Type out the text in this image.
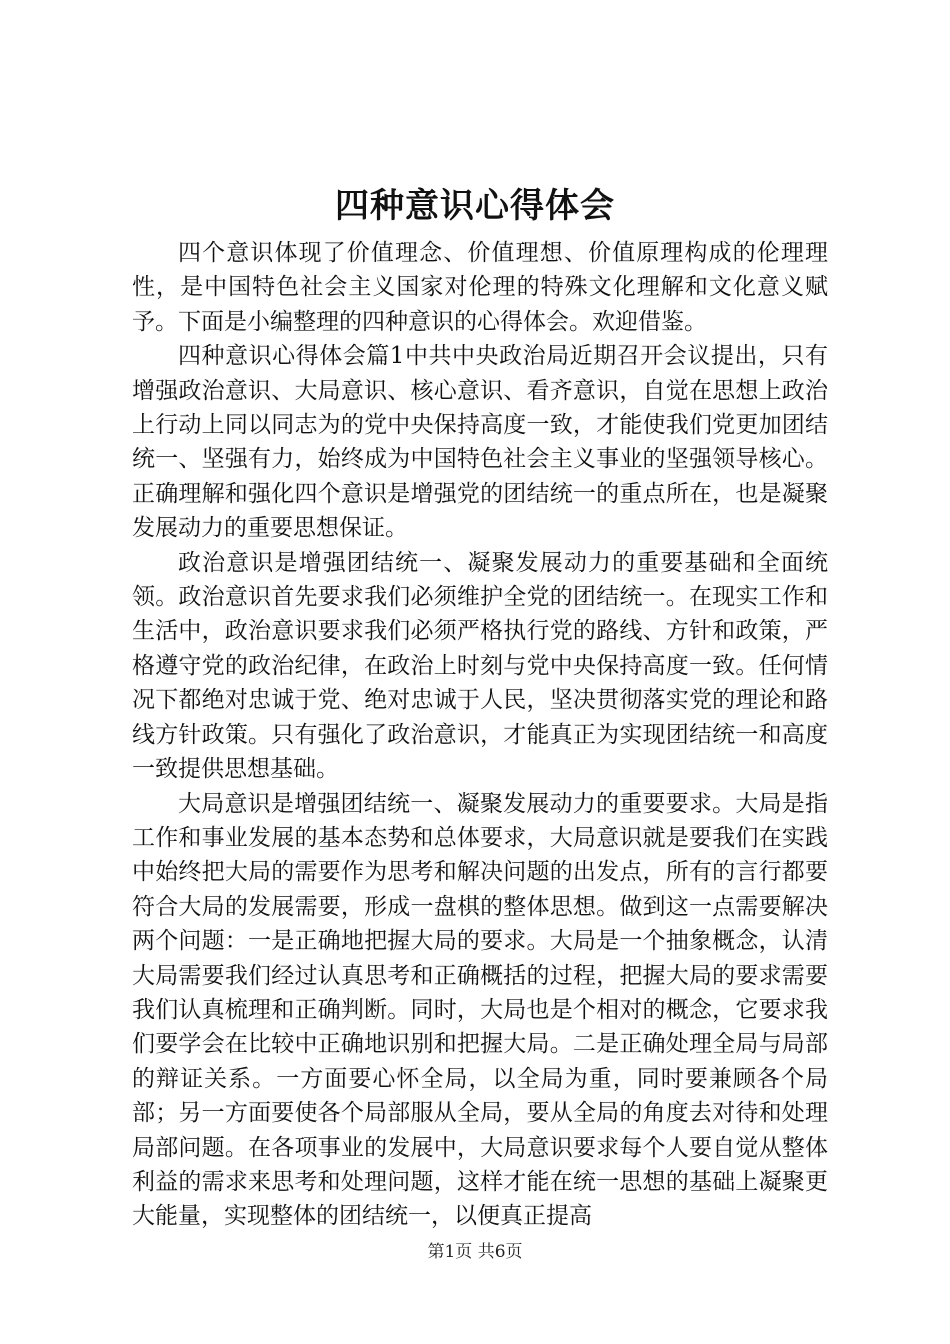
四种意识心得体会

四个意识体现了价值理念、价值理想、价值原理构成的伦理理性，是中国特色社会主义国家对伦理的特殊文化理解和文化意义赋予。下面是小编整理的四种意识的心得体会。欢迎借鉴。

四种意识心得体会篇1中共中央政治局近期召开会议提出，只有增强政治意识、大局意识、核心意识、看齐意识，自觉在思想上政治上行动上同以同志为的党中央保持高度一致，才能使我们党更加团结统一、坚强有力，始终成为中国特色社会主义事业的坚强领导核心。正确理解和强化四个意识是增强党的团结统一的重点所在，也是凝聚发展动力的重要思想保证。

政治意识是增强团结统一、凝聚发展动力的重要基础和全面统领。政治意识首先要求我们必须维护全党的团结统一。在现实工作和生活中，政治意识要求我们必须严格执行党的路线、方针和政策，严格遵守党的政治纪律，在政治上时刻与党中央保持高度一致。任何情况下都绝对忠诚于党、绝对忠诚于人民，坚决贯彻落实党的理论和路线方针政策。只有强化了政治意识，才能真正为实现团结统一和高度一致提供思想基础。

大局意识是增强团结统一、凝聚发展动力的重要要求。大局是指工作和事业发展的基本态势和总体要求，大局意识就是要我们在实践中始终把大局的需要作为思考和解决问题的出发点，所有的言行都要符合大局的发展需要，形成一盘棋的整体思想。做到这一点需要解决两个问题：一是正确地把握大局的要求。大局是一个抽象概念，认清大局需要我们经过认真思考和正确概括的过程，把握大局的要求需要我们认真梳理和正确判断。同时，大局也是个相对的概念，它要求我们要学会在比较中正确地识别和把握大局。二是正确处理全局与局部的辩证关系。一方面要心怀全局，以全局为重，同时要兼顾各个局部；另一方面要使各个局部服从全局，要从全局的角度去对待和处理局部问题。在各项事业的发展中，大局意识要求每个人要自觉从整体利益的需求来思考和处理问题，这样才能在统一思想的基础上凝聚更大能量，实现整体的团结统一，以便真正提高

第1页 共6页
